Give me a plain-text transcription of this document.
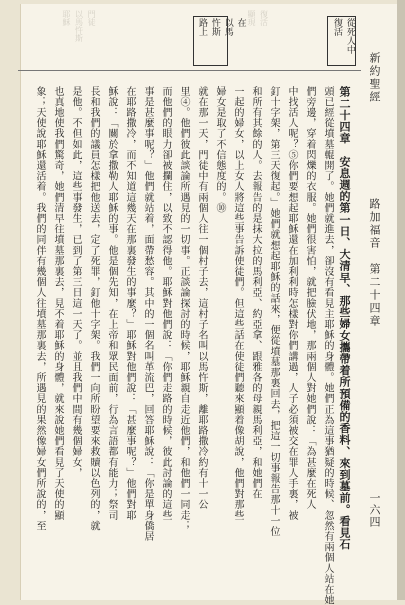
新約聖經
路加福音　第二十四章
一六四
復活 從死人中
路上 忤斯 以馬 在
耶穌 以馬忤斯 門徒	顯現 復活
第二十四章　安息週的第一日、大清早、那些婦女攜帶着所預備的香料、來到墓前。看見石
頭已經從墳墓輥開了。她們就進去，卻沒有看見主耶穌的身體。她們正為這事猶疑的時候、忽然有兩個人站在她
們旁邊，穿着閃爍的衣服。她們很害怕，就把臉伏地，那兩個人對她們說：「為甚麼在死人
中找活人呢？⑤你們要想起耶穌還在加利利時怎樣對你們講過，人子必須被交在罪人手裏，被
釘十字架，第三天復起。」她們就想起耶穌的話來，便從墳墓那裏回去，把這一切事報告那十一位
和所有其餘的人。去報告的是抹大拉的馬利亞、約亞拿、跟雅各的母親馬利亞，和她們在
一起的婦女，以上女人將這些事告訴使徒們。但這些話在使徒們聽來顯着像胡說，他們對那些
婦女是取了不信態度的。⑩
就在那一天，門徒中有兩個人往一個村子去，這村子名叫以馬忤斯，離耶路撒冷約有十一公
里④。他們彼此談論所遇見的一切事。正談論探討的時候，耶穌親自走近他們，和他們一同走；
而他們的眼力卻被攔住，以致不認得他。耶穌對他們說：「你們走路的時候，彼此討論的這些
事是甚麼事呢？」他們就站着，面帶愁容。其中的一個名叫革流巴，回答耶穌說：「你是單身僑居
在耶路撒冷，而不知道這幾天在那裏發生的事麼？」耶穌對他們說：「甚麼事呢？」他們對耶
穌說：「關於拿撒勒人耶穌的事。他是個先知，在上帝和眾民面前，行為言語都有能力；祭司
長和我們的議員怎樣把他送去，定了死罪，釘他十字架。我們一向所盼望要來救贖以色列的，就
是他。不但如此，這些事發生，已到了第三日這一天了。並且我們中間有幾個婦女，
也真地使我們驚奇，她們清早往墳墓那裏去，見不着耶穌的身體，就來說她們看見了天使的顯
象；天使說耶穌還活着。我們的同伴有幾個人往墳墓那裏去，所遇見的果然像婦女們所說的，至
